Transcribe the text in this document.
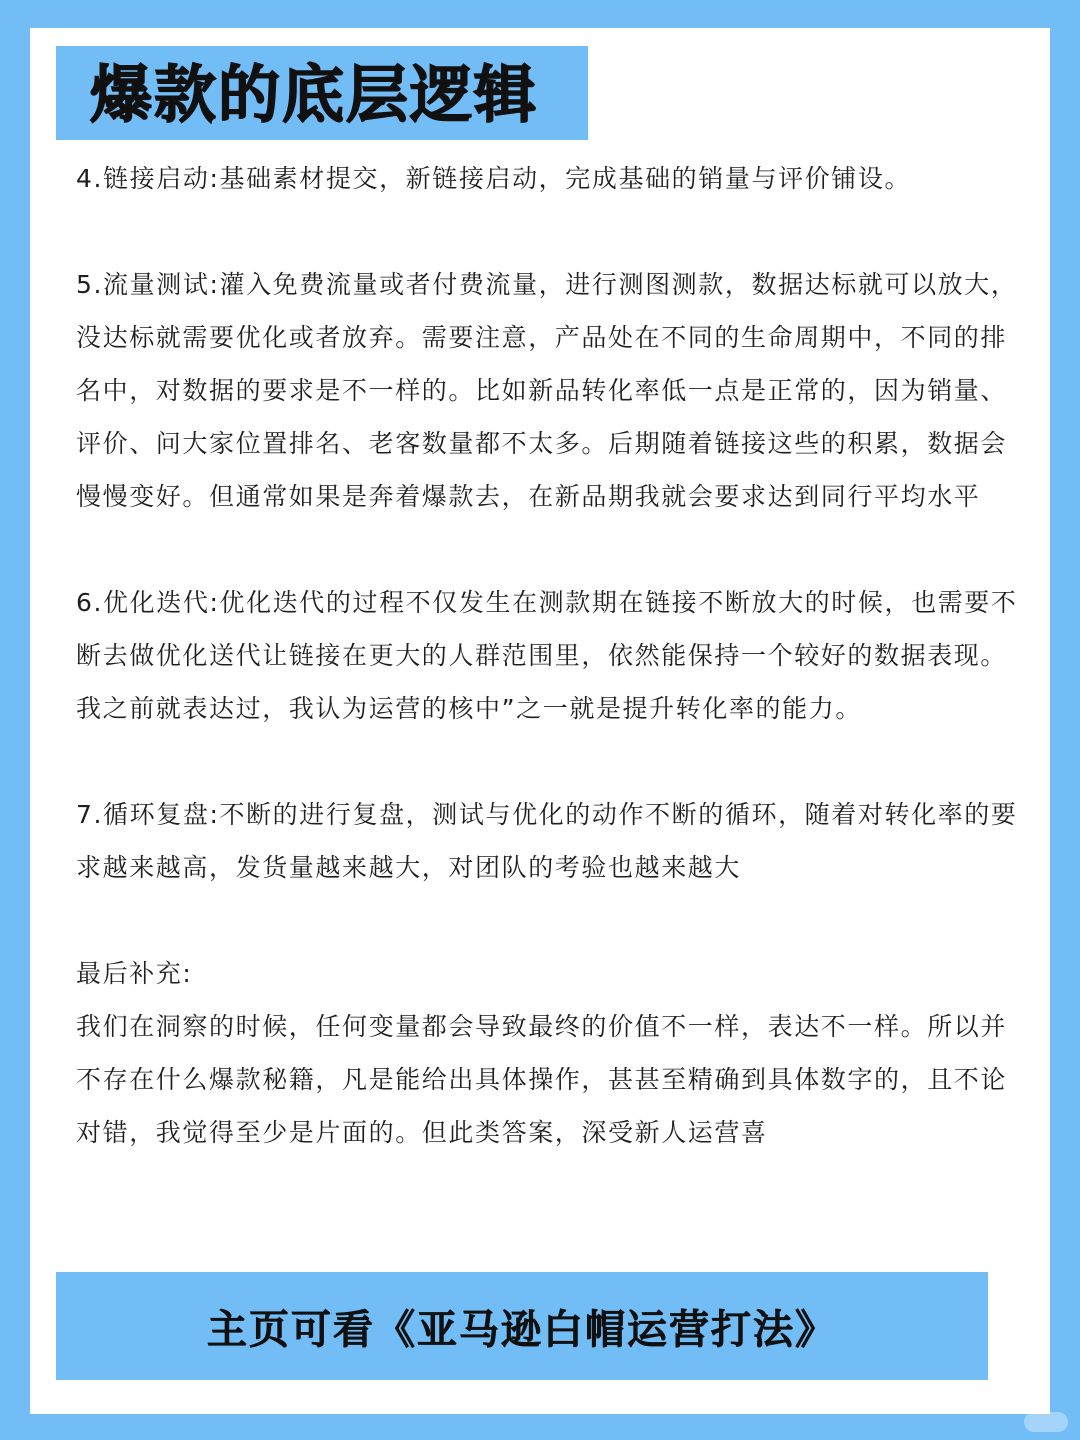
爆款的底层逻辑

4.链接启动:基础素材提交，新链接启动，完成基础的销量与评价铺设。

5.流量测试:灌入免费流量或者付费流量，进行测图测款，数据达标就可以放大，没达标就需要优化或者放弃。需要注意，产品处在不同的生命周期中，不同的排名中，对数据的要求是不一样的。比如新品转化率低一点是正常的，因为销量、评价、问大家位置排名、老客数量都不太多。后期随着链接这些的积累，数据会慢慢变好。但通常如果是奔着爆款去，在新品期我就会要求达到同行平均水平

6.优化迭代:优化迭代的过程不仅发生在测款期在链接不断放大的时候，也需要不断去做优化送代让链接在更大的人群范围里，依然能保持一个较好的数据表现。我之前就表达过，我认为运营的核中”之一就是提升转化率的能力。

7.循环复盘:不断的进行复盘，测试与优化的动作不断的循环，随着对转化率的要求越来越高，发货量越来越大，对团队的考验也越来越大

最后补充:

我们在洞察的时候，任何变量都会导致最终的价值不一样，表达不一样。所以并不存在什么爆款秘籍，凡是能给出具体操作，甚甚至精确到具体数字的，且不论对错，我觉得至少是片面的。但此类答案，深受新人运营喜

主页可看《亚马逊白帽运营打法》
